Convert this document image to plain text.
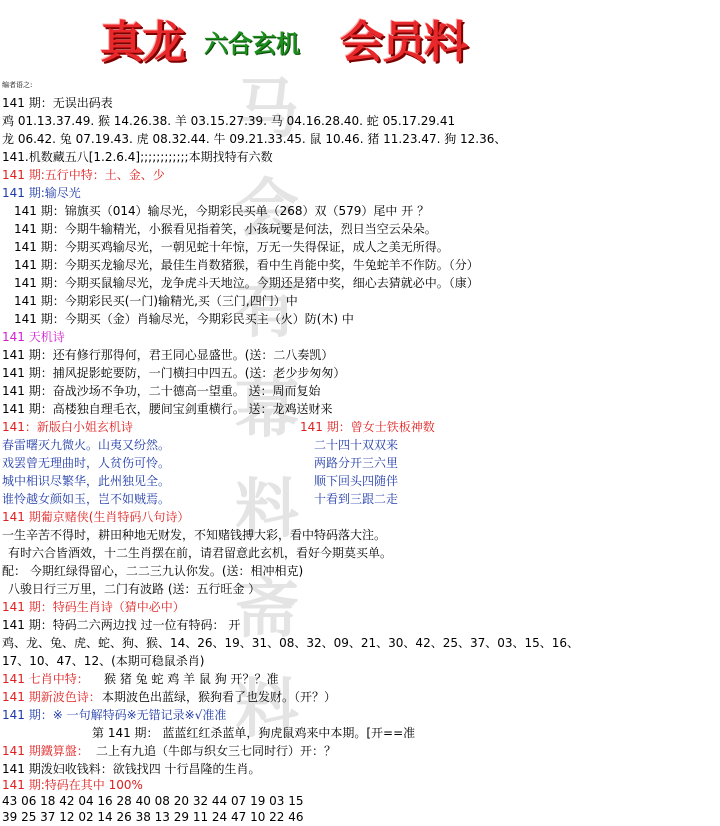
真龙 六合玄机 会员料
马
会
有
幕
料
斋
料
编者语之:
141 期：无误出码表
鸡 01.13.37.49. 猴 14.26.38. 羊 03.15.27.39. 马 04.16.28.40. 蛇 05.17.29.41
龙 06.42. 兔 07.19.43. 虎 08.32.44. 牛 09.21.33.45. 鼠 10.46. 猪 11.23.47. 狗 12.36、
141.机数藏五八[1.2.6.4];;;;;;;;;;;;本期找特有六数
141 期:五行中特：土、金、少
141 期:输尽光
141 期：锦旗买（014）输尽光，今期彩民买单（268）双（579）尾中 开 ？
141 期：今期牛输精光，小猴看见指着笑，小孩玩要是何法，烈日当空云朵朵。
141 期：今期买鸡输尽光，一朝见蛇十年惊，万无一失得保证，成人之美无所得。
141 期：今期买龙输尽光，最佳生肖数猪猴，看中生肖能中奖，牛兔蛇羊不作防。（分）
141 期：今期买鼠输尽光，龙争虎斗天地泣。今期还是猪中奖，细心去猜就必中。（康）
141 期：今期彩民买(一门)输精光,买（三门,四门）中
141 期：今期买（金）肖输尽光，今期彩民买主（火）防(木) 中
141 天机诗
141 期：还有修行那得何，君王同心显盛世。(送：二八奏凯）
141 期：捕风捉影蛇要防，一门横扫中四五。(送：老少步匆匆）
141 期：奋战沙场不争功，二十德高一望重。 送：周而复始
141 期：高楼独自理毛衣，腰间宝剑重横行。 送：龙鸡送财来
141：新版白小姐玄机诗	141 期：曾女士铁板神数
春雷曙灭九微火。山夷又纷然。	二十四十双双来
戏罢曾无理曲时，人贫伤可怜。	两路分开三六里
城中相识尽繁华，此州独见全。	顺下回头四随伴
谁怜越女颜如玉，岂不如贼焉。	十看到三跟二走
141 期葡京赌侠(生肖特码八句诗）
一生辛苦不得时，耕田种地无财发，不知赌钱搏大彩，看中特码落大注。
有时六合皆酒效，十二生肖摆在前，请君留意此玄机，看好今期莫买单。
配： 今期红绿得留心，二二三九认你发。(送：相冲相克)
八骏日行三万里，二门有波路 (送：五行旺金 ）
141 期：特码生肖诗（猜中必中）
141 期：特码二六两边找 过一位有特码： 开
鸡、龙、兔、虎、蛇、狗、猴、14、26、19、31、08、32、09、21、30、42、25、37、03、15、16、
17、10、47、12、(本期可稳鼠杀肖)
141 七肖中特： 猴 猪 兔 蛇 鸡 羊 鼠 狗 开？？准
141 期新波色诗： 本期波色出蓝绿，猴狗看了也发财。（开？）
141 期：※ 一句解特码※无错记录※√准准
第 141 期： 蓝蓝红红杀蓝单，狗虎鼠鸡来中本期。[开==准
141 期鐵算盤： 二上有九追（牛郎与织女三七同时行）开：？
141 期泼妇收钱料：欲钱找四 十行昌隆的生肖。
141 期:特码在其中 100%
43 06 18 42 04 16 28 40 08 20 32 44 07 19 03 15
39 25 37 12 02 14 26 38 13 29 11 24 47 10 22 46
